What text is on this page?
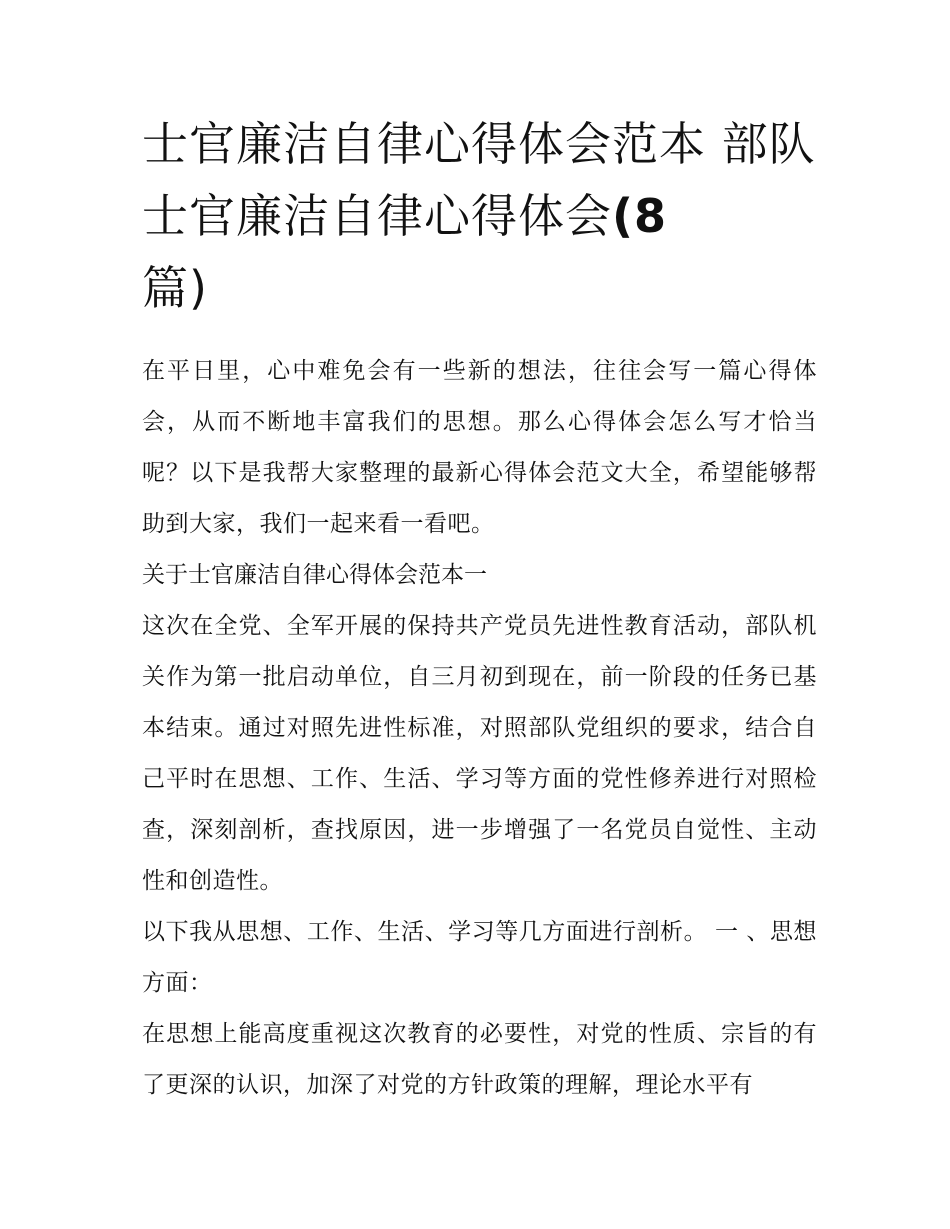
士官廉洁自律心得体会范本 部队士官廉洁自律心得体会(8
篇)

在平日里，心中难免会有一些新的想法，往往会写一篇心得体会，从而不断地丰富我们的思想。那么心得体会怎么写才恰当呢？以下是我帮大家整理的最新心得体会范文大全，希望能够帮助到大家，我们一起来看一看吧。

关于士官廉洁自律心得体会范本一

这次在全党、全军开展的保持共产党员先进性教育活动，部队机关作为第一批启动单位，自三月初到现在，前一阶段的任务已基本结束。通过对照先进性标准，对照部队党组织的要求，结合自己平时在思想、工作、生活、学习等方面的党性修养进行对照检查，深刻剖析，查找原因，进一步增强了一名党员自觉性、主动性和创造性。

以下我从思想、工作、生活、学习等几方面进行剖析。 一 、思想方面：

在思想上能高度重视这次教育的必要性，对党的性质、宗旨的有了更深的认识，加深了对党的方针政策的理解，理论水平有
